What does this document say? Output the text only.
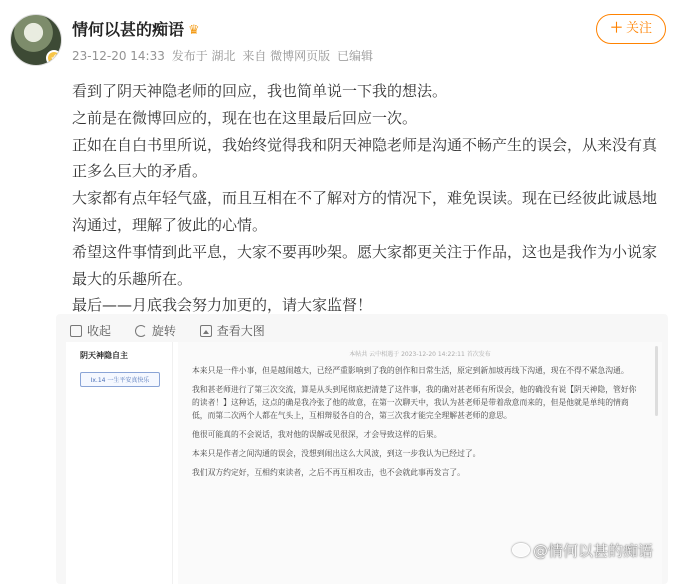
✓
情何以甚的痴语 ♛
23-12-20 14:33 发布于 湖北 来自 微博网页版 已编辑
＋ 关注

看到了阴天神隐老师的回应，我也简单说一下我的想法。

之前是在微博回应的，现在也在这里最后回应一次。

正如在自白书里所说，我始终觉得我和阴天神隐老师是沟通不畅产生的误会，从来没有真正多么巨大的矛盾。

大家都有点年轻气盛，而且互相在不了解对方的情况下，难免误读。现在已经彼此诚恳地沟通过，理解了彼此的心情。

希望这件事情到此平息，大家不要再吵架。愿大家都更关注于作品，这也是我作为小说家最大的乐趣所在。

最后——月底我会努力加更的，请大家监督！

收起	旋转	查看大图
阴天神隐自主
Ix.14 一生平安真快乐
本帖共 云中相遇于 2023-12-20 14:22:11 首次发布

本来只是一件小事，但是越闹越大，已经严重影响到了我的创作和日常生活，原定到新加坡再线下沟通，现在不得不紧急沟通。

我和甚老师进行了第三次交流，算是从头到尾彻底把清楚了这件事，我的确对甚老师有所误会，他的确没有说【阴天神隐，管好你的读者！】这种话，这点的确是我冷张了他的故意，在第一次聊天中，我认为甚老师是带着敌意而来的，但是他就是单纯的情商低，而第二次两个人都在气头上，互相辩驳各自的合，第三次我才能完全理解甚老师的意思。

他很可能真的不会说话，我对他的误解或见很深，才会导致这样的后果。

本来只是作者之间沟通的误会，没想到闹出这么大风波，到这一步我认为已经过了。

我们双方约定好，互相约束读者，之后不再互相攻击，也不会就此事再发言了。

@情何以甚的痴语
